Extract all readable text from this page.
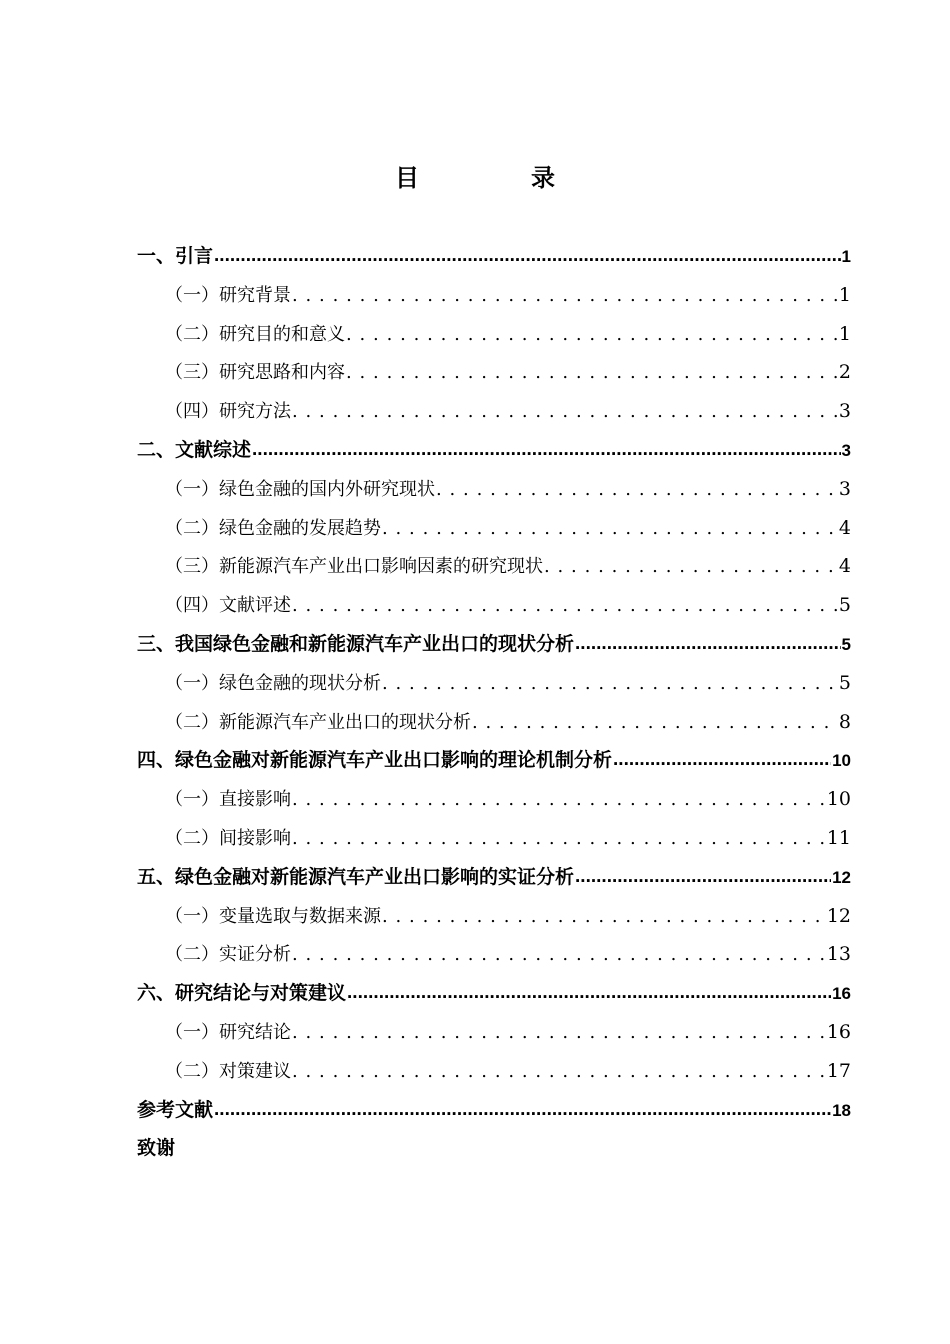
目　录
一、引言 .....	1
（一）研究背景 .....	1
（二）研究目的和意义 .....	1
（三）研究思路和内容 .....	2
（四）研究方法 .....	3
二、文献综述 .....	3
（一）绿色金融的国内外研究现状 .....	3
（二）绿色金融的发展趋势 .....	4
（三）新能源汽车产业出口影响因素的研究现状 .....	4
（四）文献评述 .....	5
三、我国绿色金融和新能源汽车产业出口的现状分析 .....	5
（一）绿色金融的现状分析 .....	5
（二）新能源汽车产业出口的现状分析 .....	8
四、绿色金融对新能源汽车产业出口影响的理论机制分析 .....	10
（一）直接影响 .....	10
（二）间接影响 .....	11
五、绿色金融对新能源汽车产业出口影响的实证分析 .....	12
（一）变量选取与数据来源 .....	12
（二）实证分析 .....	13
六、研究结论与对策建议 .....	16
（一）研究结论 .....	16
（二）对策建议 .....	17
参考文献 .....	18
致谢
